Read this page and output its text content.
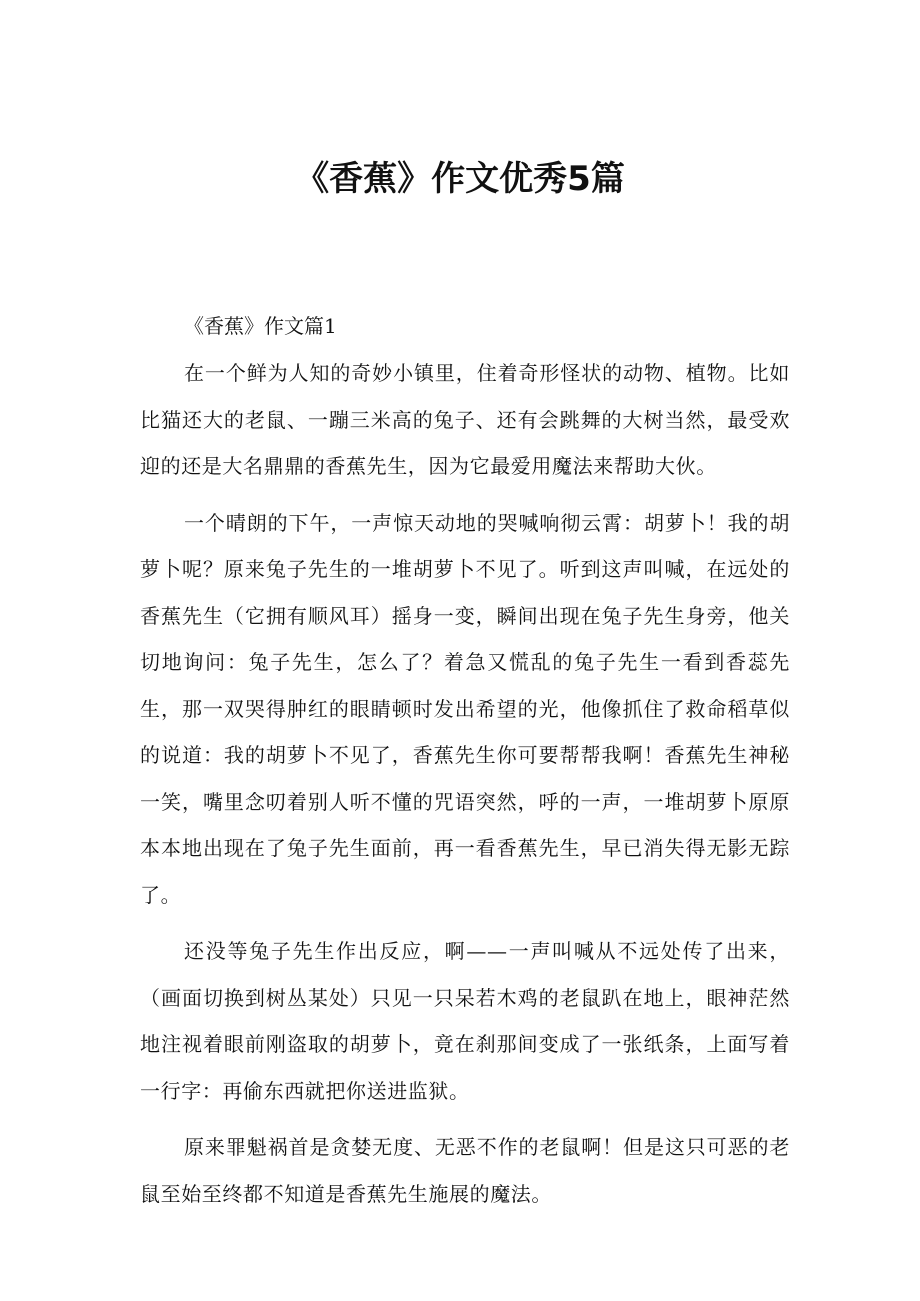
《香蕉》作文优秀5篇
《香蕉》作文篇1

在一个鲜为人知的奇妙小镇里，住着奇形怪状的动物、植物。比如比猫还大的老鼠、一蹦三米高的兔子、还有会跳舞的大树当然，最受欢迎的还是大名鼎鼎的香蕉先生，因为它最爱用魔法来帮助大伙。

一个晴朗的下午，一声惊天动地的哭喊响彻云霄：胡萝卜！我的胡萝卜呢？原来兔子先生的一堆胡萝卜不见了。听到这声叫喊，在远处的香蕉先生（它拥有顺风耳）摇身一变，瞬间出现在兔子先生身旁，他关切地询问：兔子先生，怎么了？着急又慌乱的兔子先生一看到香蕊先生，那一双哭得肿红的眼睛顿时发出希望的光，他像抓住了救命稻草似的说道：我的胡萝卜不见了，香蕉先生你可要帮帮我啊！香蕉先生神秘一笑，嘴里念叨着别人听不懂的咒语突然，呼的一声，一堆胡萝卜原原本本地出现在了兔子先生面前，再一看香蕉先生，早已消失得无影无踪了。

还没等兔子先生作出反应，啊——一声叫喊从不远处传了出来，（画面切换到树丛某处）只见一只呆若木鸡的老鼠趴在地上，眼神茫然地注视着眼前刚盗取的胡萝卜，竟在刹那间变成了一张纸条，上面写着一行字：再偷东西就把你送进监狱。

原来罪魁祸首是贪婪无度、无恶不作的老鼠啊！但是这只可恶的老鼠至始至终都不知道是香蕉先生施展的魔法。
